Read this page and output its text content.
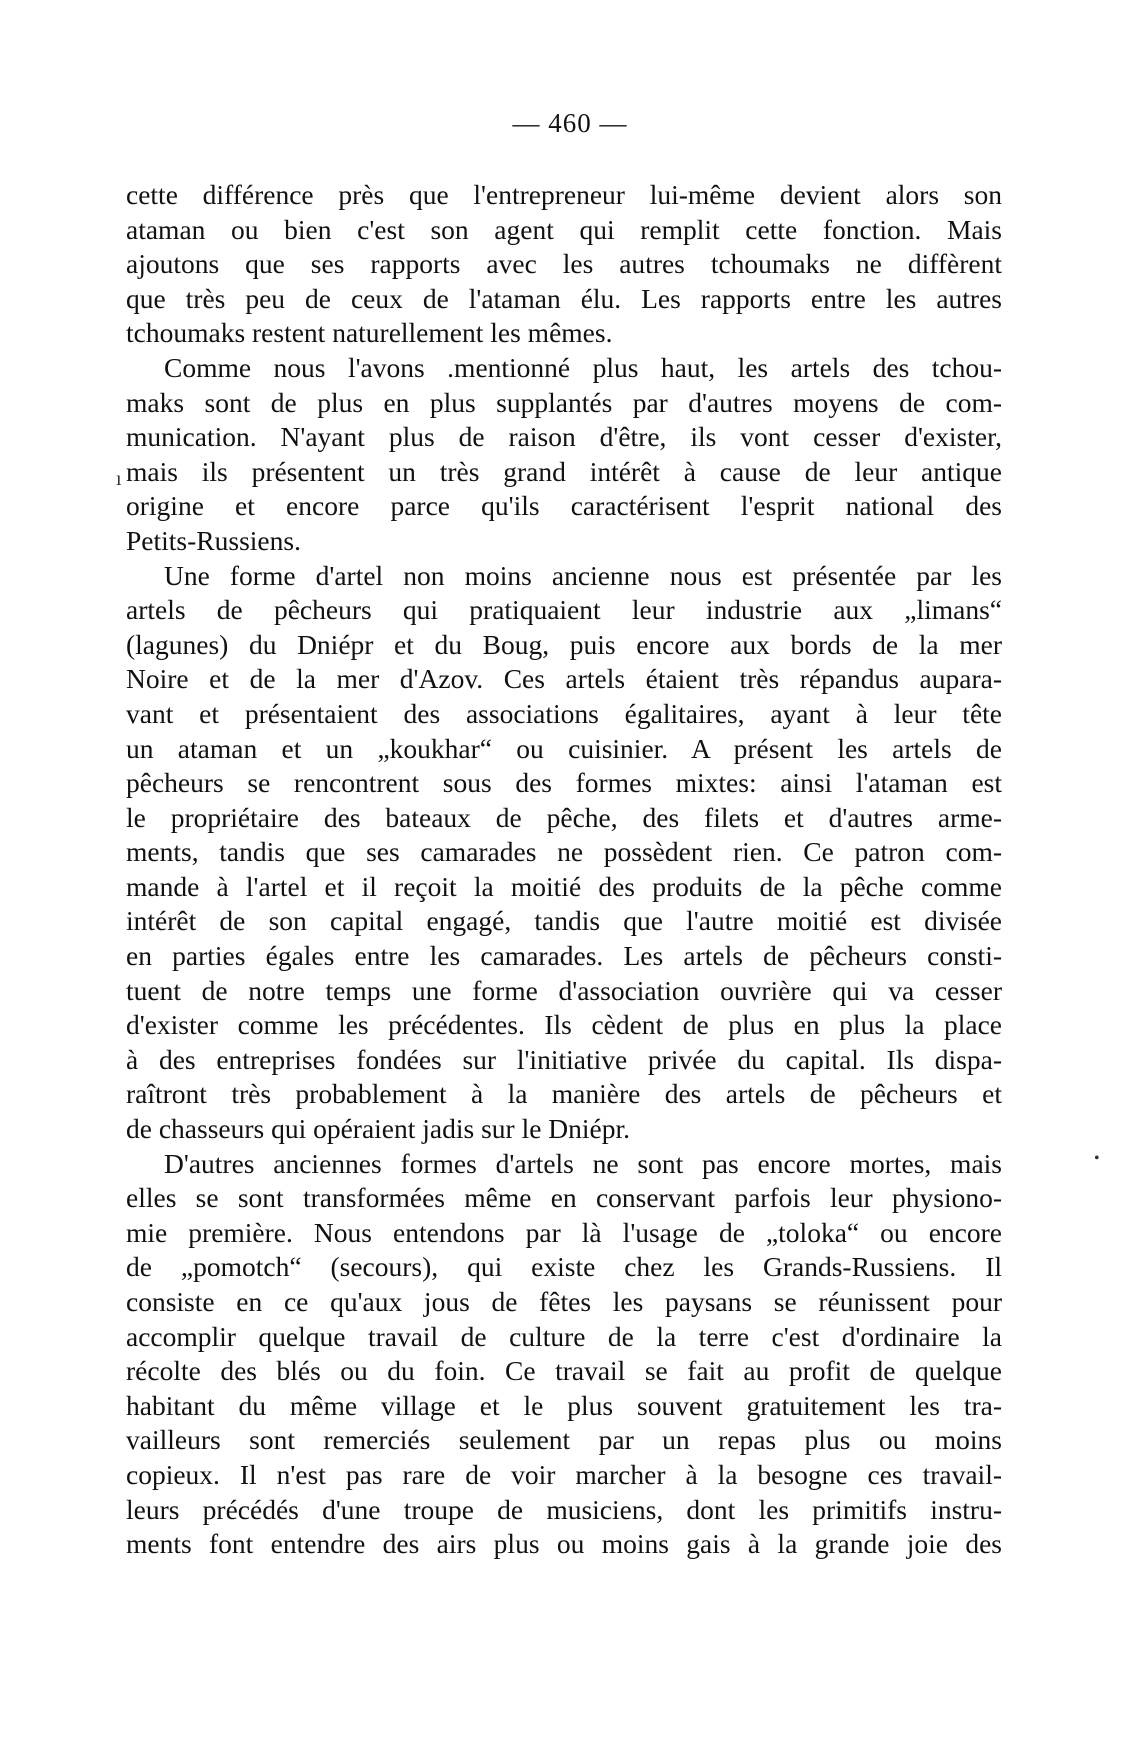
— 460 —
ı
•
cette différence près que l'entrepreneur lui-même devient alors son
ataman ou bien c'est son agent qui remplit cette fonction. Mais
ajoutons que ses rapports avec les autres tchoumaks ne diffèrent
que très peu de ceux de l'ataman élu. Les rapports entre les autres
tchoumaks restent naturellement les mêmes.
Comme nous l'avons .mentionné plus haut, les artels des tchou-
maks sont de plus en plus supplantés par d'autres moyens de com-
munication. N'ayant plus de raison d'être, ils vont cesser d'exister,
mais ils présentent un très grand intérêt à cause de leur antique
origine et encore parce qu'ils caractérisent l'esprit national des
Petits-Russiens.
Une forme d'artel non moins ancienne nous est présentée par les
artels de pêcheurs qui pratiquaient leur industrie aux „limans“
(lagunes) du Dniépr et du Boug, puis encore aux bords de la mer
Noire et de la mer d'Azov. Ces artels étaient très répandus aupara-
vant et présentaient des associations égalitaires, ayant à leur tête
un ataman et un „koukhar“ ou cuisinier. A présent les artels de
pêcheurs se rencontrent sous des formes mixtes: ainsi l'ataman est
le propriétaire des bateaux de pêche, des filets et d'autres arme-
ments, tandis que ses camarades ne possèdent rien. Ce patron com-
mande à l'artel et il reçoit la moitié des produits de la pêche comme
intérêt de son capital engagé, tandis que l'autre moitié est divisée
en parties égales entre les camarades. Les artels de pêcheurs consti-
tuent de notre temps une forme d'association ouvrière qui va cesser
d'exister comme les précédentes. Ils cèdent de plus en plus la place
à des entreprises fondées sur l'initiative privée du capital. Ils dispa-
raîtront très probablement à la manière des artels de pêcheurs et
de chasseurs qui opéraient jadis sur le Dniépr.
D'autres anciennes formes d'artels ne sont pas encore mortes, mais
elles se sont transformées même en conservant parfois leur physiono-
mie première. Nous entendons par là l'usage de „toloka“ ou encore
de „pomotch“ (secours), qui existe chez les Grands-Russiens. Il
consiste en ce qu'aux jous de fêtes les paysans se réunissent pour
accomplir quelque travail de culture de la terre c'est d'ordinaire la
récolte des blés ou du foin. Ce travail se fait au profit de quelque
habitant du même village et le plus souvent gratuitement les tra-
vailleurs sont remerciés seulement par un repas plus ou moins
copieux. Il n'est pas rare de voir marcher à la besogne ces travail-
leurs précédés d'une troupe de musiciens, dont les primitifs instru-
ments font entendre des airs plus ou moins gais à la grande joie des
